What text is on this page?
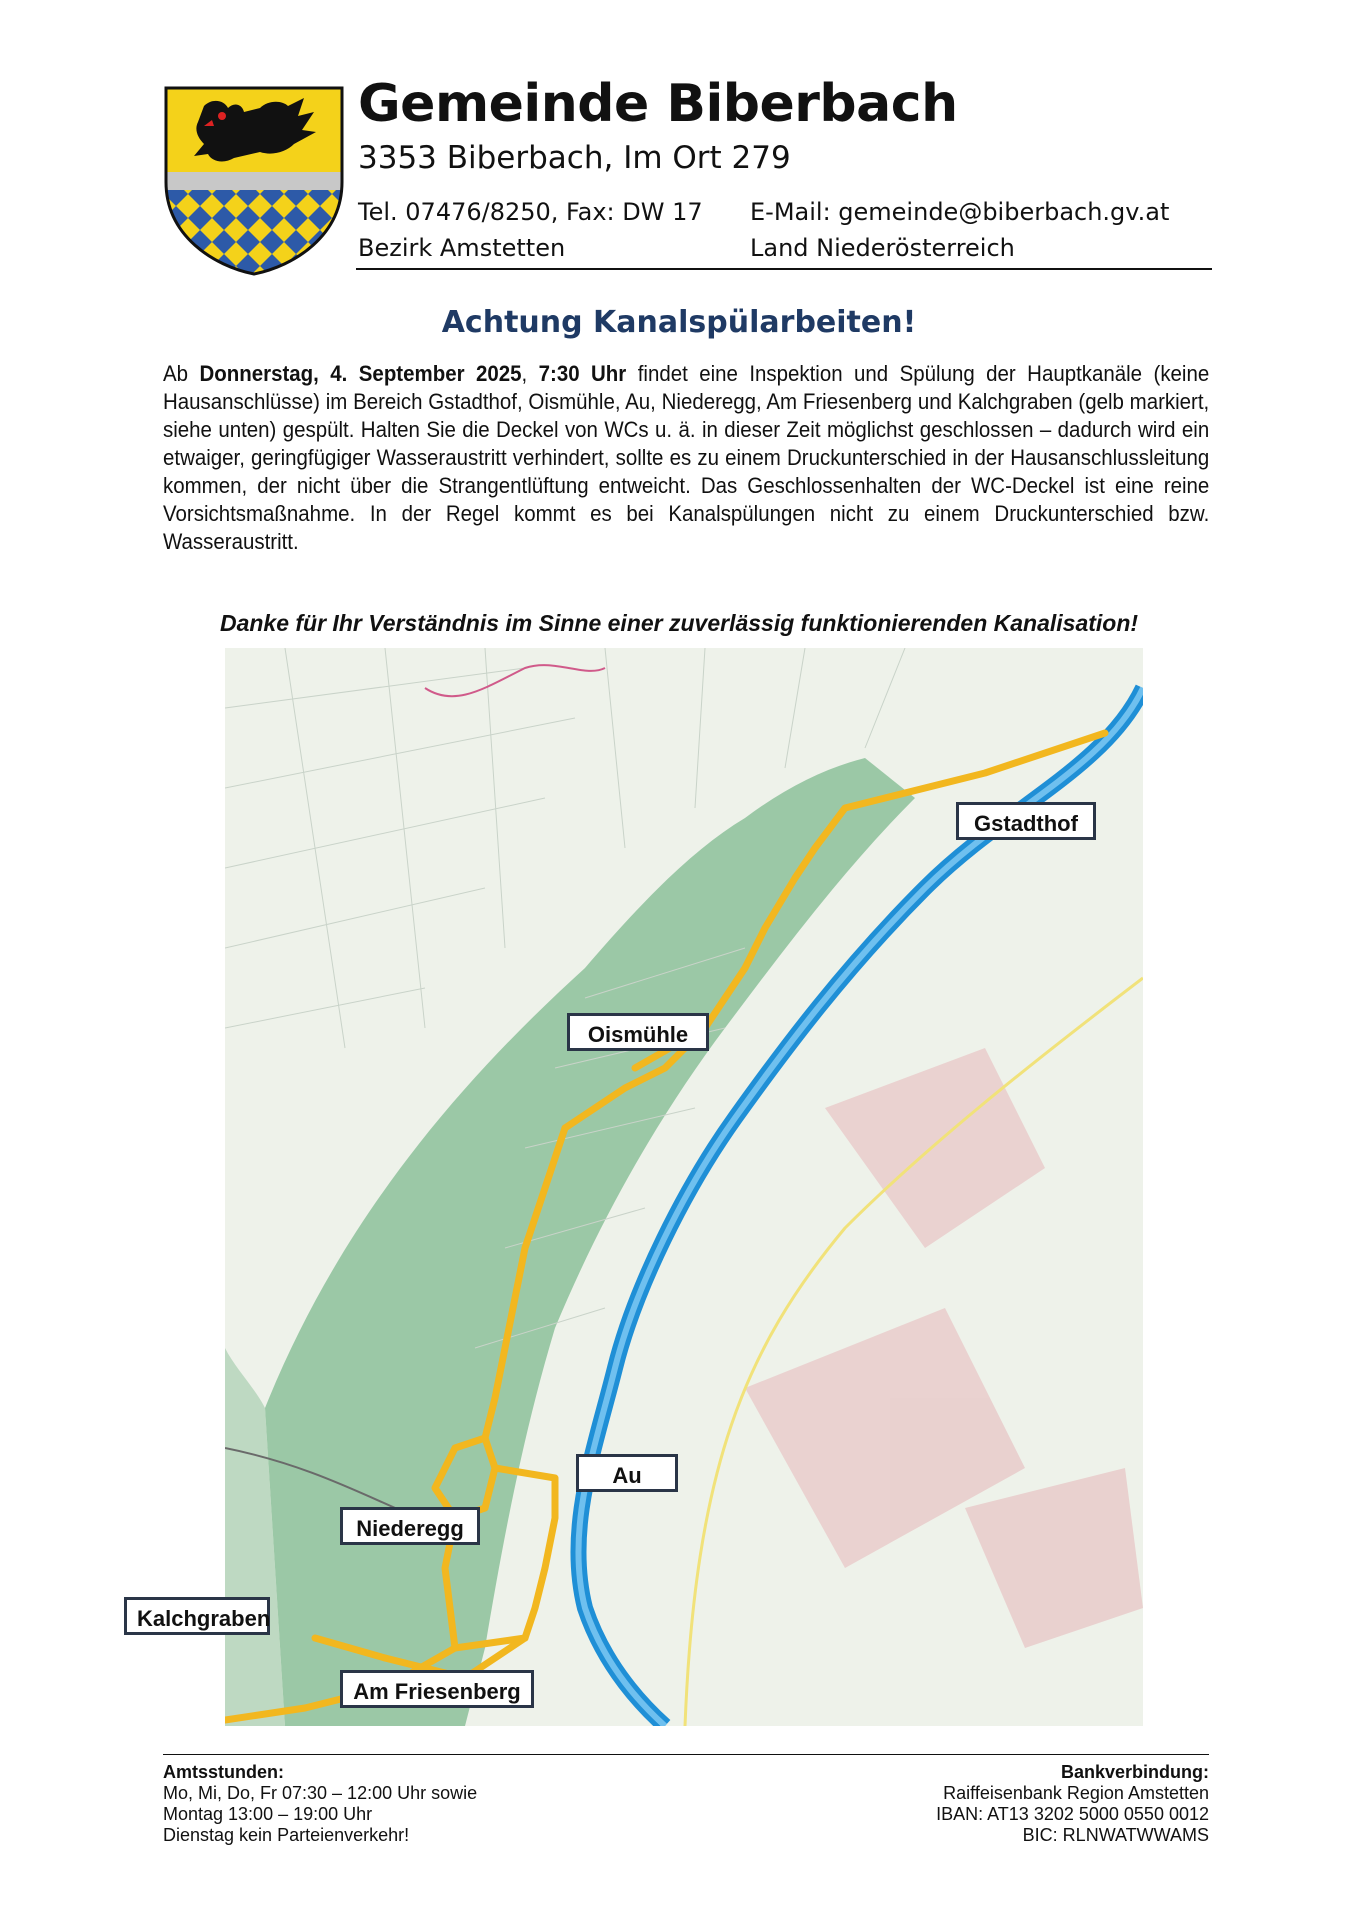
Gemeinde Biberbach
3353 Biberbach, Im Ort 279
Tel. 07476/8250, Fax: DW 17
Bezirk Amstetten
E-Mail: gemeinde@biberbach.gv.at
Land Niederösterreich
Achtung Kanalspülarbeiten!
Ab Donnerstag, 4. September 2025, 7:30 Uhr findet eine Inspektion und Spülung der Hauptkanäle (keine Hausanschlüsse) im Bereich Gstadthof, Oismühle, Au, Niederegg, Am Friesenberg und Kalchgraben (gelb markiert, siehe unten) gespült. Halten Sie die Deckel von WCs u. ä. in dieser Zeit möglichst geschlossen – dadurch wird ein etwaiger, geringfügiger Wasseraustritt verhindert, sollte es zu einem Druckunterschied in der Hausanschlussleitung kommen, der nicht über die Strangentlüftung entweicht. Das Geschlossenhalten der WC-Deckel ist eine reine Vorsichtsmaßnahme. In der Regel kommt es bei Kanalspülungen nicht zu einem Druckunterschied bzw. Wasseraustritt.
Danke für Ihr Verständnis im Sinne einer zuverlässig funktionierenden Kanalisation!
Gstadthof
Oismühle
Au
Niederegg
Kalchgraben
Am Friesenberg
Amtsstunden:
Mo, Mi, Do, Fr 07:30 – 12:00 Uhr sowie
Montag 13:00 – 19:00 Uhr
Dienstag kein Parteienverkehr!
Bankverbindung:
Raiffeisenbank Region Amstetten
IBAN: AT13 3202 5000 0550 0012
BIC: RLNWATWWAMS
